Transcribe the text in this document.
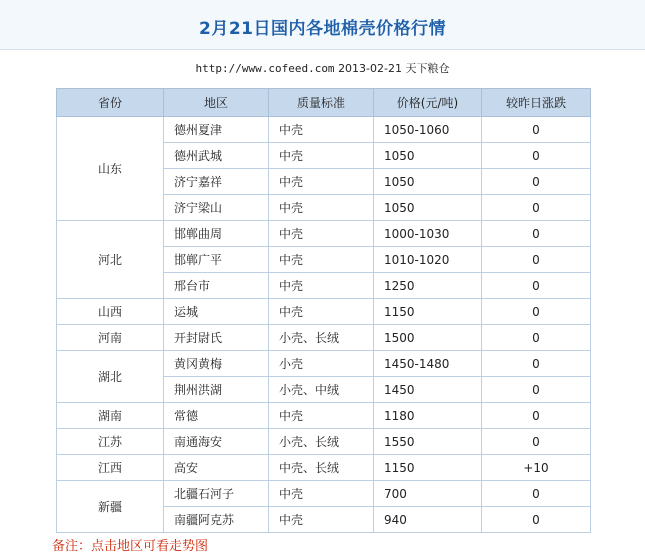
2月21日国内各地棉壳价格行情
http://www.cofeed.com 2013-02-21 天下粮仓
省份	地区	质量标准	价格(元/吨)	较昨日涨跌
山东	德州夏津	中壳	1050-1060	0
	德州武城	中壳	1050	0
	济宁嘉祥	中壳	1050	0
	济宁梁山	中壳	1050	0
河北	邯郸曲周	中壳	1000-1030	0
	邯郸广平	中壳	1010-1020	0
	邢台市	中壳	1250	0
山西	运城	中壳	1150	0
河南	开封尉氏	小壳、长绒	1500	0
湖北	黄冈黄梅	小壳	1450-1480	0
	荆州洪湖	小壳、中绒	1450	0
湖南	常德	中壳	1180	0
江苏	南通海安	小壳、长绒	1550	0
江西	高安	中壳、长绒	1150	+10
新疆	北疆石河子	中壳	700	0
	南疆阿克苏	中壳	940	0
备注：点击地区可看走势图
